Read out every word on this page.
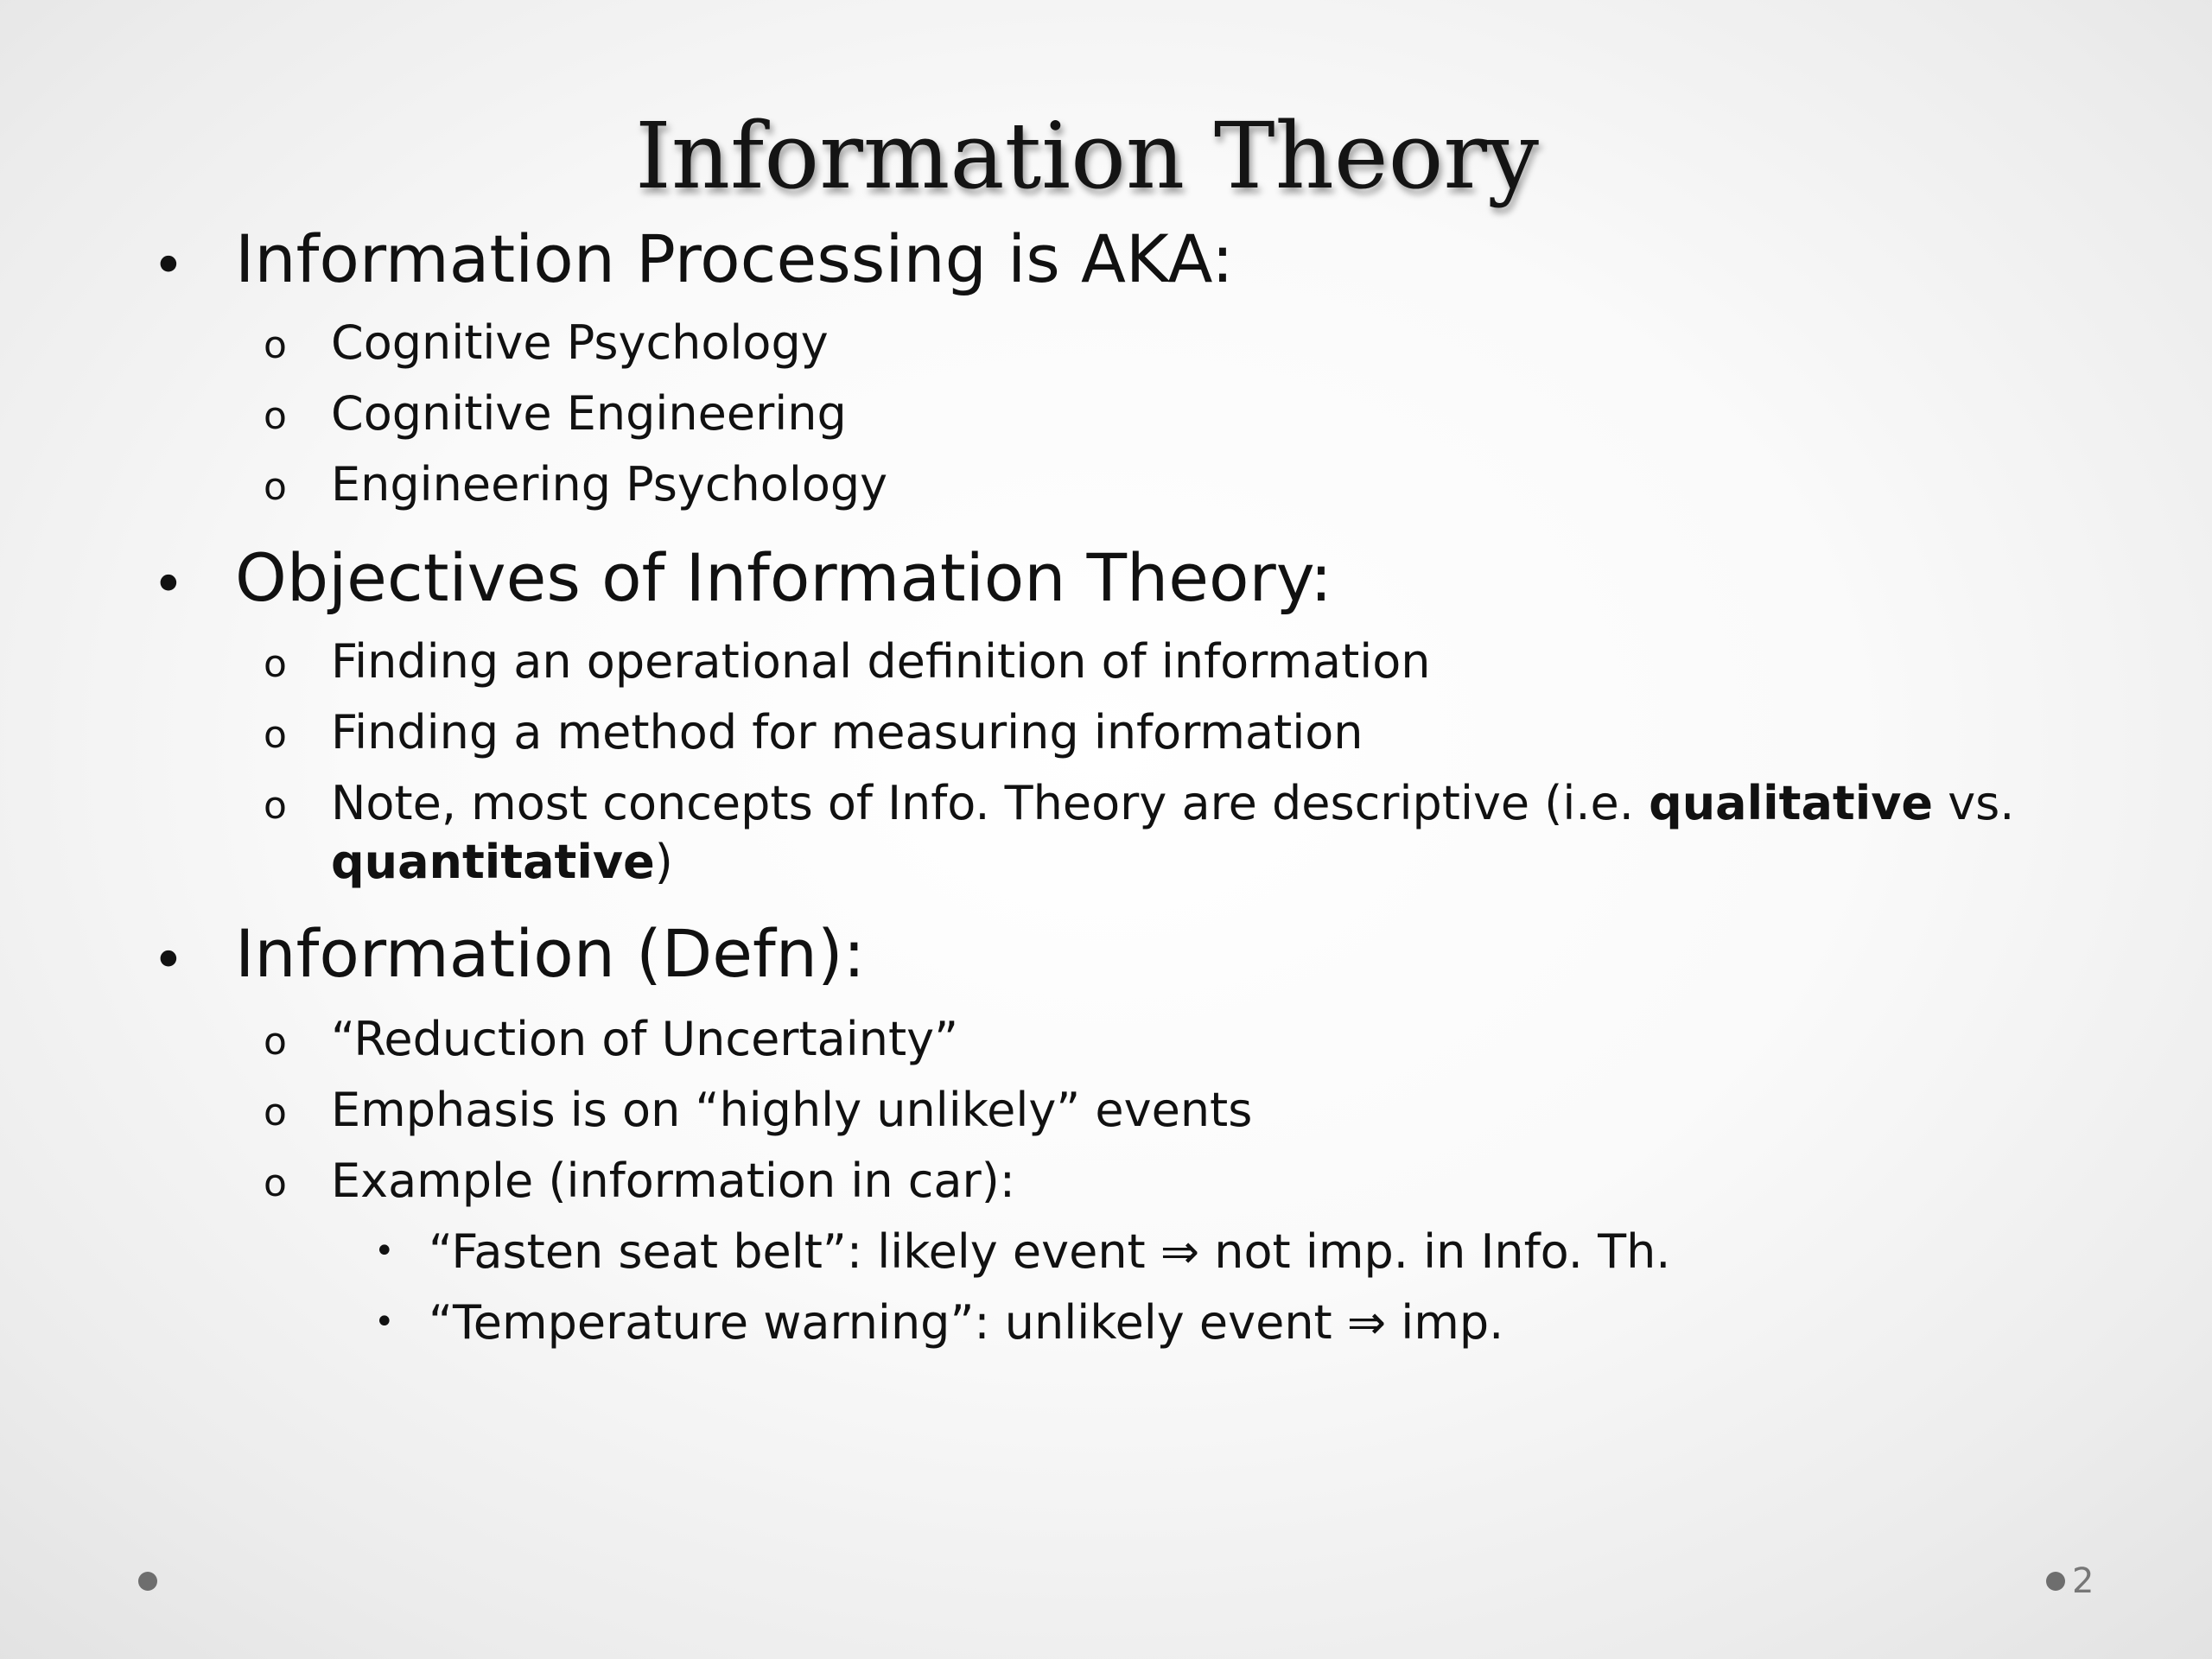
Information Theory
• Information Processing is AKA:
o Cognitive Psychology
o Cognitive Engineering
o Engineering Psychology
• Objectives of Information Theory:
o Finding an operational definition of information
o Finding a method for measuring information
o Note, most concepts of Info. Theory are descriptive (i.e. qualitative vs.
quantitative)
• Information (Defn):
o “Reduction of Uncertainty”
o Emphasis is on “highly unlikely” events
o Example (information in car):
• “Fasten seat belt”: likely event ⇒ not imp. in Info. Th.
• “Temperature warning”: unlikely event ⇒ imp.
2
